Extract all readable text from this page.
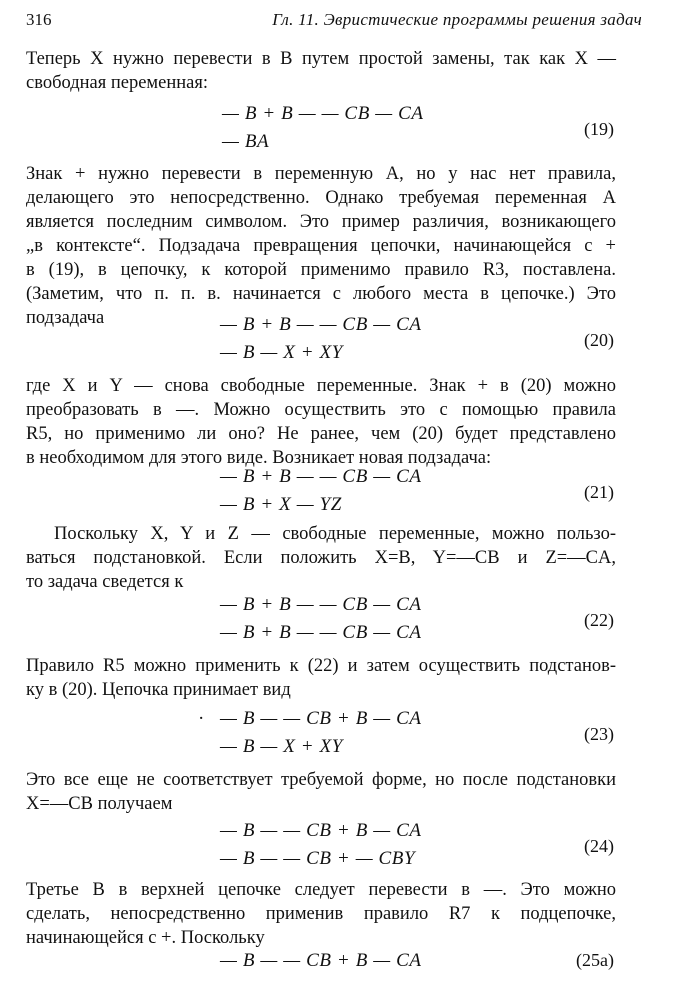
316	Гл. 11. Эвристические программы решения задач

Теперь X нужно перевести в B путем простой замены, так как X —
свободная переменная:

— B + B — — CB — CA
— BA
(19)

Знак + нужно перевести в переменную A, но у нас нет правила,
делающего это непосредственно. Однако требуемая переменная A
является последним символом. Это пример различия, возникающего
„в контексте“. Подзадача превращения цепочки, начинающейся с +
в (19), в цепочку, к которой применимо правило R3, поставлена.
(Заметим, что п. п. в. начинается с любого места в цепочке.) Это
подзадача	— B + B — — CB — CA
— B — X + XY
(20)

где X и Y — снова свободные переменные. Знак + в (20) можно
преобразовать в —. Можно осуществить это с помощью правила
R5, но применимо ли оно? Не ранее, чем (20) будет представлено
в необходимом для этого виде. Возникает новая подзадача:

— B + B — — CB — CA
— B + X — YZ
(21)

Поскольку X, Y и Z — свободные переменные, можно пользо-
ваться подстановкой. Если положить X=B, Y=—CB и Z=—CA,
то задача сведется к

— B + B — — CB — CA
— B + B — — CB — CA
(22)

Правило R5 можно применить к (22) и затем осуществить подстанов-
ку в (20). Цепочка принимает вид

· — B — — CB + B — CA
— B — X + XY
(23)

Это все еще не соответствует требуемой форме, но после подстановки
X=—CB получаем

— B — — CB + B — CA
— B — — CB + — CBY
(24)

Третье B в верхней цепочке следует перевести в —. Это можно
сделать, непосредственно применив правило R7 к подцепочке,
начинающейся с +. Поскольку

— B — — CB + B — CA	(25a)
